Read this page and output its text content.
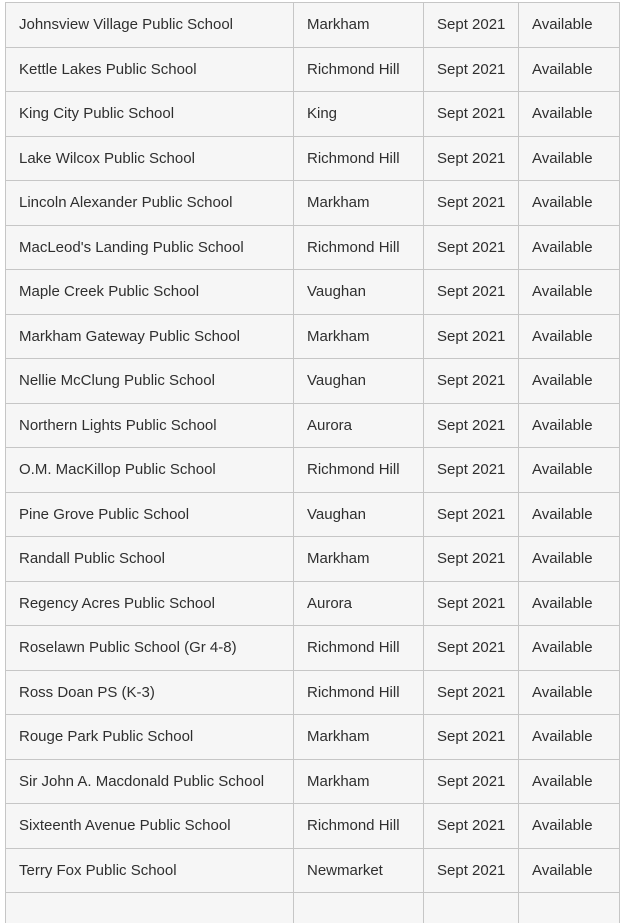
Johnsview Village Public School	Markham	Sept 2021	Available
Kettle Lakes Public School	Richmond Hill	Sept 2021	Available
King City Public School	King	Sept 2021	Available
Lake Wilcox Public School	Richmond Hill	Sept 2021	Available
Lincoln Alexander Public School	Markham	Sept 2021	Available
MacLeod's Landing Public School	Richmond Hill	Sept 2021	Available
Maple Creek Public School	Vaughan	Sept 2021	Available
Markham Gateway Public School	Markham	Sept 2021	Available
Nellie McClung Public School	Vaughan	Sept 2021	Available
Northern Lights Public School	Aurora	Sept 2021	Available
O.M. MacKillop Public School	Richmond Hill	Sept 2021	Available
Pine Grove Public School	Vaughan	Sept 2021	Available
Randall Public School	Markham	Sept 2021	Available
Regency Acres Public School	Aurora	Sept 2021	Available
Roselawn Public School (Gr 4-8)	Richmond Hill	Sept 2021	Available
Ross Doan PS (K-3)	Richmond Hill	Sept 2021	Available
Rouge Park Public School	Markham	Sept 2021	Available
Sir John A. Macdonald Public School	Markham	Sept 2021	Available
Sixteenth Avenue Public School	Richmond Hill	Sept 2021	Available
Terry Fox Public School	Newmarket	Sept 2021	Available
